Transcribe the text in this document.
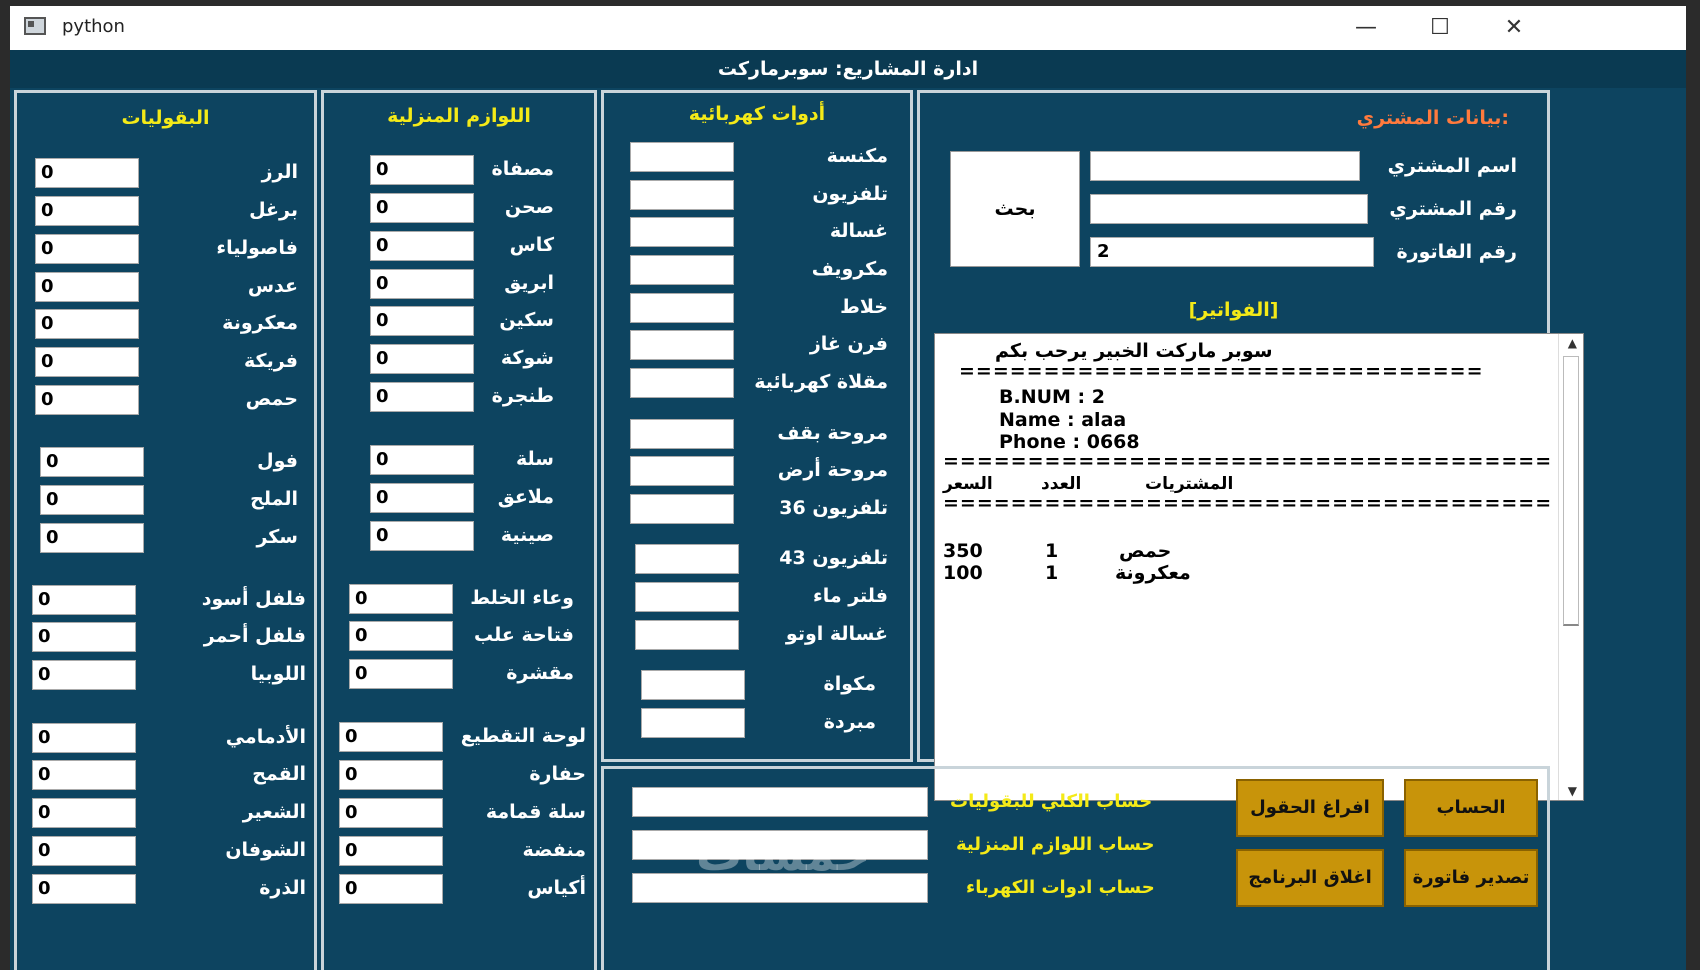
python	—	☐	✕
ادارة المشاريع: سوبرماركت
البقوليات
0	الرز
0	برغل
0	فاصولياء
0	عدس
0	معكرونة
0	فريكة
0	حمص
0	فول
0	الملح
0	سكر
0	فلفل أسود
0	فلفل أحمر
0	اللوبيا
0	الأدمامي
0	القمح
0	الشعير
0	الشوفان
0	الذرة
اللوازم المنزلية
0	مصفاة
0	صحن
0	كاس
0	ابريق
0	سكين
0	شوكة
0	طنجرة
0	سلة
0	ملاعق
0	صينية
0	وعاء الخلط
0	فتاحة علب
0	مقشرة
0	لوحة التقطيع
0	حفارة
0	سلة قمامة
0	منفضة
0	أكياس
أدوات كهربائية
مكنسة
تلفزيون
غسالة
مكرويف
خلاط
فرن غاز
مقلاة كهربائية
مروحة بقف
مروحة أرض
تلفزيون 36
تلفزيون 43
فلتر ماء
غسالة اوتو
مكواة
مبردة
بيانات المشتري:
بحث
اسم المشتري
رقم المشتري
2	رقم الفاتورة
[الفواتير]
سوبر ماركت الخبير يرحب بكم
===============================
B.NUM : 2
Name : alaa
Phone : 0668
====================================
السعر	العدد	المشتريات
====================================
350	1	حمص
100	1	معكرونة
▲
▼
حساب الكلي للبقوليات
حساب اللوازم المنزلية
حساب ادوات الكهرباء
افراغ الحقول	الحساب
اغلاق البرنامج	تصدير فاتورة
خمسات
